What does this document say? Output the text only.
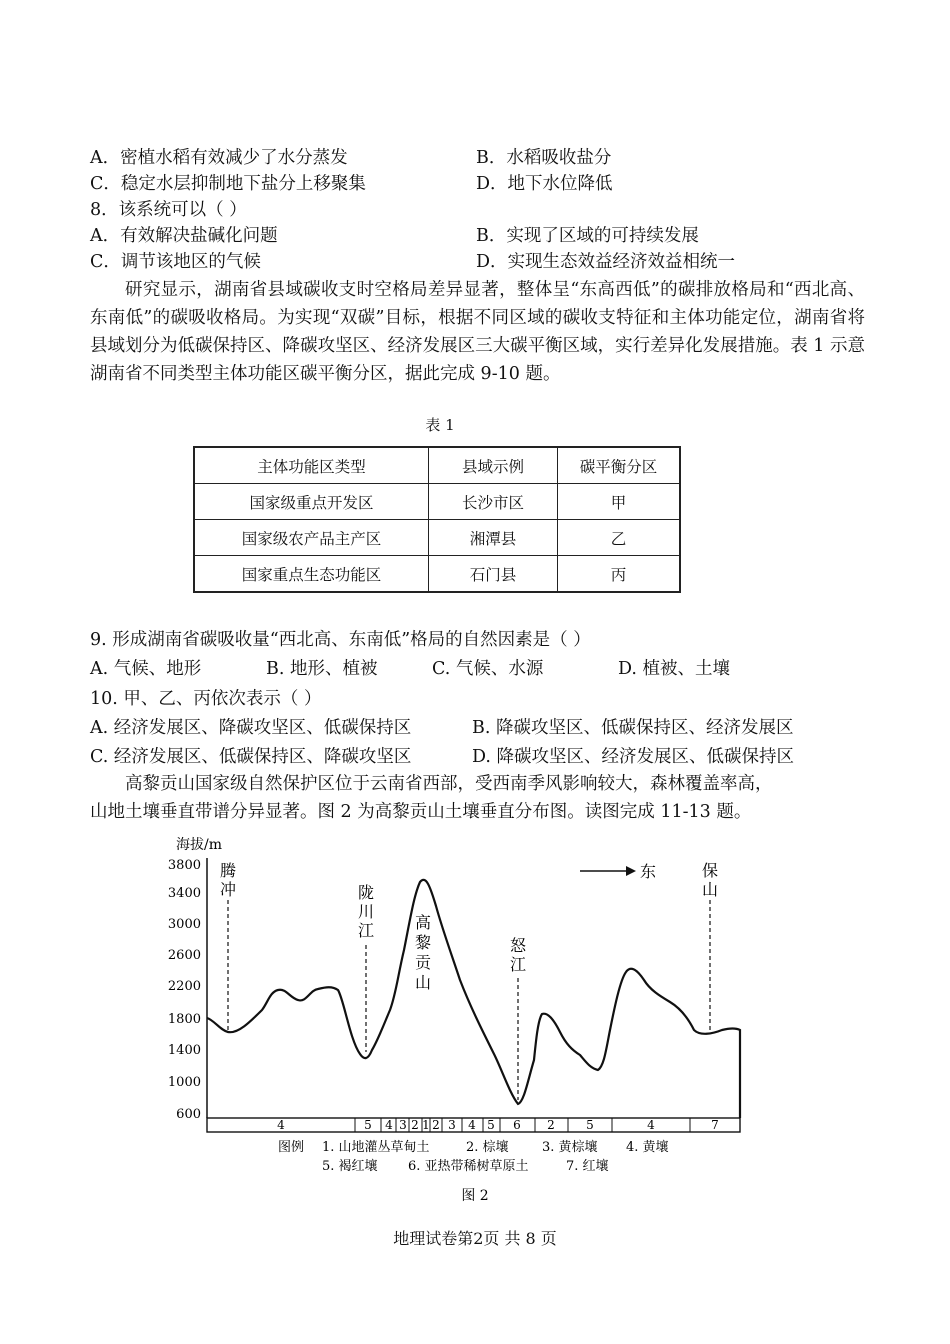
A．密植水稻有效减少了水分蒸发	B．水稻吸收盐分
C．稳定水层抑制地下盐分上移聚集	D．地下水位降低
8．该系统可以（ ）
A．有效解决盐碱化问题	B．实现了区域的可持续发展
C．调节该地区的气候	D．实现生态效益经济效益相统一

研究显示，湖南省县域碳收支时空格局差异显著，整体呈“东高西低”的碳排放格局和“西北高、东南低”的碳吸收格局。为实现“双碳”目标，根据不同区域的碳收支特征和主体功能定位，湖南省将县域划分为低碳保持区、降碳攻坚区、经济发展区三大碳平衡区域，实行差异化发展措施。表 1 示意湖南省不同类型主体功能区碳平衡分区，据此完成 9-10 题。

表 1
主体功能区类型	县域示例	碳平衡分区
国家级重点开发区	长沙市区	甲
国家级农产品主产区	湘潭县	乙
国家重点生态功能区	石门县	丙
9. 形成湖南省碳吸收量“西北高、东南低”格局的自然因素是（ ）
A. 气候、地形	B. 地形、植被	C. 气候、水源	D. 植被、土壤
10. 甲、乙、丙依次表示（ ）
A. 经济发展区、降碳攻坚区、低碳保持区	B. 降碳攻坚区、低碳保持区、经济发展区
C. 经济发展区、低碳保持区、降碳攻坚区	D. 降碳攻坚区、经济发展区、低碳保持区
高黎贡山国家级自然保护区位于云南省西部，受西南季风影响较大，森林覆盖率高，
山地土壤垂直带谱分异显著。图 2 为高黎贡山土壤垂直分布图。读图完成 11-13 题。
海拔/m
3800
3400
3000
2600
2200
1800
1400
1000
600
腾冲	陇川江	高黎贡山
怒江
保山
东
4	5 4 3 2 1 2 3 4 5 6 2	5	4	7
图例 1. 山地灌丛草甸土	2. 棕壤	3. 黄棕壤 4. 黄壤
5. 褐红壤 6. 亚热带稀树草原土	7. 红壤
图 2
地理试卷第2页 共 8 页
